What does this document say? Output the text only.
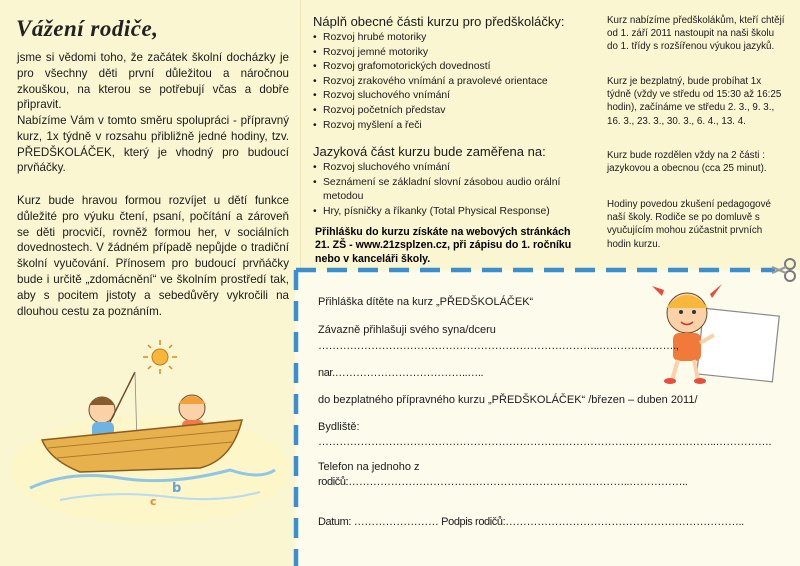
b
c
Vážení rodiče,

jsme si vědomi toho, že začátek školní docházky je pro všechny děti první důležitou a náročnou zkouškou, na kterou se potřebují včas a dobře připravit.

Nabízíme Vám v tomto směru spolupráci - přípravný kurz, 1x týdně v rozsahu přibližně jedné hodiny, tzv. PŘEDŠKOLÁČEK, který je vhodný pro budoucí prvňáčky.

Kurz bude hravou formou rozvíjet u dětí funkce důležité pro výuku čtení, psaní, počítání a zároveň se děti procvičí, rovněž formou her, v sociálních dovednostech. V žádném případě nepůjde o tradiční školní vyučování. Přínosem pro budoucí prvňáčky bude i určitě „zdomácnění“ ve školním prostředí tak, aby s pocitem jistoty a sebedůvěry vykročili na dlouhou cestu za poznáním.

Náplň obecné části kurzu pro předškoláčky:
• Rozvoj hrubé motoriky
• Rozvoj jemné motoriky
• Rozvoj grafomotorických dovedností
• Rozvoj zrakového vnímání a pravolevé orientace
• Rozvoj sluchového vnímání
• Rozvoj početních představ
• Rozvoj myšlení a řeči
Jazyková část kurzu bude zaměřena na:
• Rozvoj sluchového vnímání
• Seznámení se základní slovní zásobou audio orální metodou
• Hry, písničky a říkanky (Total Physical Response)

Přihlášku do kurzu získáte na webových stránkách 21. ZŠ - www.21zsplzen.cz, při zápisu do 1. ročníku nebo v kanceláři školy.

Kurz nabízíme předškolákům, kteří chtějí od 1. září 2011 nastoupit na naši školu do 1. třídy s rozšířenou výukou jazyků.

Kurz je bezplatný, bude probíhat 1x týdně (vždy ve středu od 15:30 až 16:25 hodin), začínáme ve středu 2. 3., 9. 3., 16. 3., 23. 3., 30. 3., 6. 4., 13. 4.

Kurz bude rozdělen vždy na 2 části : jazykovou a obecnou (cca 25 minut).

Hodiny povedou zkušení pedagogové naší školy. Rodiče se po domluvě s vyučujícím mohou zúčastnit prvních hodin kurzu.

Přihláška dítěte na kurz „PŘEDŠKOLÁČEK“
Závazně přihlašuji svého syna/dceru
……………………………………………………………………..………………….,
nar.………………………………..…..
do bezplatného přípravného kurzu „PŘEDŠKOLÁČEK“ /březen – duben 2011/
Bydliště:
…………………………………………………………………………………………………..…………….
Telefon na jednoho z
rodičů:……………………………………………………………………..……………..
Datum: …………………… Podpis rodičů:…………………………………………………………..
